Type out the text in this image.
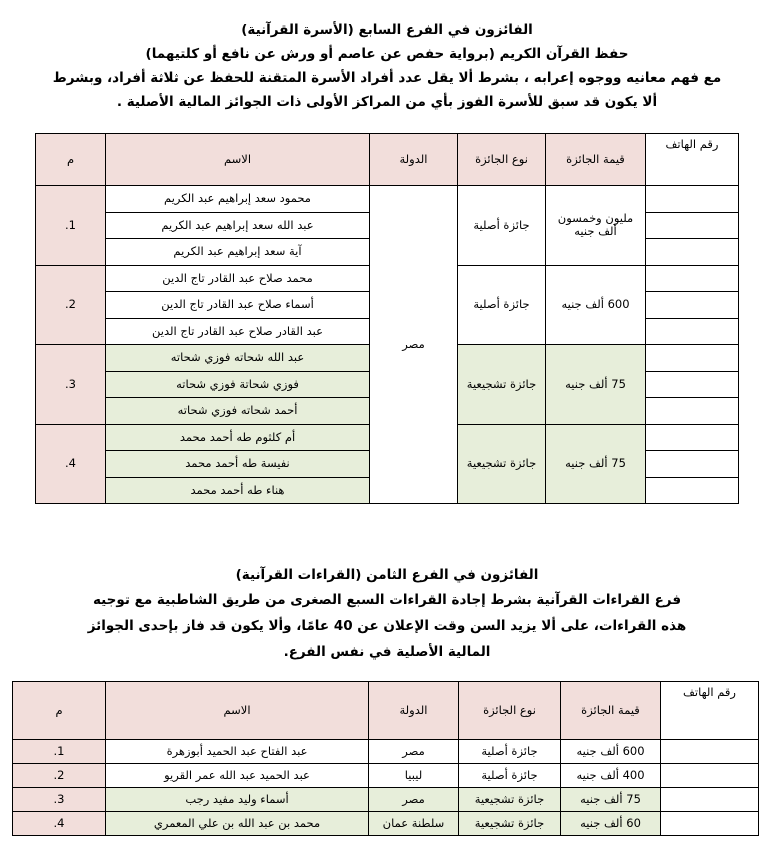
الفائزون في الفرع السابع (الأسرة القرآنية)
حفظ القرآن الكريم (برواية حفص عن عاصم أو ورش عن نافع أو كلتيهما)
مع فهم معانيه ووجوه إعرابه ، بشرط ألا يقل عدد أفراد الأسرة المتقنة للحفظ عن ثلاثة أفراد، وبشرط
ألا يكون قد سبق للأسرة الفوز بأي من المراكز الأولى ذات الجوائز المالية الأصلية .
رقم الهاتف	قيمة الجائزة	نوع الجائزة	الدولة	الاسم	م
	مليون وخمسون ألف جنيه	جائزة أصلية	مصر	محمود سعد إبراهيم عبد الكريم	.1
				عبد الله سعد إبراهيم عبد الكريم	
				آية سعد إبراهيم عبد الكريم	
	600 ألف جنيه	جائزة أصلية		محمد صلاح عبد القادر تاج الدين	.2
				أسماء صلاح عبد القادر تاج الدين	
				عبد القادر صلاح عبد القادر تاج الدين	
	75 ألف جنيه	جائزة تشجيعية		عبد الله شحاته فوزي شحاته	.3
				فوزي شحاتة فوزي شحاته	
				أحمد شحاته فوزي شحاته	
	75 ألف جنيه	جائزة تشجيعية		أم كلثوم طه أحمد محمد	.4
				نفيسة طه أحمد محمد	
				هناء طه أحمد محمد	
الفائزون في الفرع الثامن (القراءات القرآنية)
فرع القراءات القرآنية بشرط إجادة القراءات السبع الصغرى من طريق الشاطبية مع توجيه هذه القراءات، على ألا يزيد السن وقت الإعلان عن 40 عامًا، وألا يكون قد فاز بإحدى الجوائز المالية الأصلية في نفس الفرع.
رقم الهاتف	قيمة الجائزة	نوع الجائزة	الدولة	الاسم	م
	600 ألف جنيه	جائزة أصلية	مصر	عبد الفتاح عبد الحميد أبوزهرة	.1
	400 ألف جنيه	جائزة أصلية	ليبيا	عبد الحميد عبد الله عمر القريو	.2
	75 ألف جنيه	جائزة تشجيعية	مصر	أسماء وليد مفيد رجب	.3
	60 ألف جنيه	جائزة تشجيعية	سلطنة عمان	محمد بن عبد الله بن علي المعمري	.4
